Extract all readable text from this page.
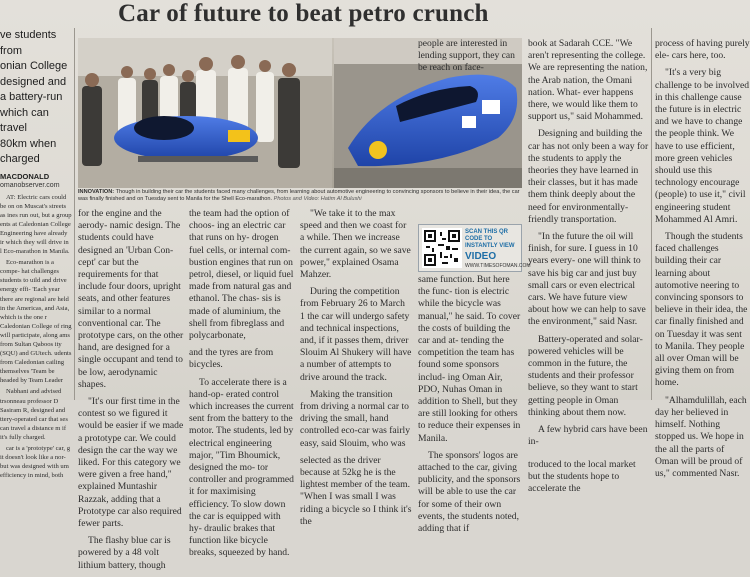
Car of future to beat petro crunch
ve students from
onian College
designed and
a battery-run
which can travel
80km when
charged
MACDONALD
omanobserver.com

AT: Electric cars could be on on Muscat's streets as ines run out, but a group ents at Caledonian College Engineering have already ir which they will drive in l Eco-marathon in Manila.

Eco-marathon is a compe- hat challenges students to uild and drive energy effi- 'Each year there are regional are held in the Americas, and Asia, which is the one r Caledonian College of ring will participate, along ams from Sultan Qaboos ity (SQU) and GUtech. udents from Caledonian cailing themselves 'Team be headed by Team Leader

Nabhani and advised trsonneau professor D Sasiram R, designed and ttery-operated car that ses can travel a distance m if it's fully charged.

car is a 'prototype' car, g it doesn't look like a nor- but was designed with um efficiency in mind, both

INNOVATION: Though in building their car the students faced many challenges, from learning about automotive engineering to convincing sponsors to believe in their idea, the car was finally finished and on Tuesday sent to Manila for the Shell Eco-marathon. Photos and Video: Hatim Al Bulushi

for the engine and the aerody- namic design. The students could have designed an 'Urban Con- cept' car but the requirements for that include four doors, upright seats, and other features similar to a normal conventional car. The prototype cars, on the other hand, are designed for a single occupant and tend to be low, aerodynamic shapes.

"It's our first time in the contest so we figured it would be easier if we made a prototype car. We could design the car the way we liked. For this category we were given a free hand," explained Muntashir Razzak, adding that a Prototype car also required fewer parts.

The flashy blue car is powered by a 48 volt lithium battery, though

the team had the option of choos- ing an electric car that runs on hy- drogen fuel cells, or internal com- bustion engines that run on petrol, diesel, or liquid fuel made from natural gas and ethanol. The chas- sis is made of aluminium, the shell from fibreglass and polycarbonate,

and the tyres are from bicycles.

To accelerate there is a hand-op- erated control which increases the current sent from the battery to the motor. The students, led by electrical engineering major, "Tim Bhoumick, designed the mo- tor controller and programmed it for maximising efficiency. To slow down the car is equipped with hy- draulic brakes that function like bicycle breaks, squeezed by hand.

"We take it to the max speed and then we coast for a while. Then we increase the current again, so we save power," explained Osama Mahzer.

During the competition from February 26 to March 1 the car will undergo safety and technical inspections, and, if it passes them, driver Slouim Al Shukery will have a number of attempts to drive around the track.

Making the transition from driving a normal car to driving the small, hand controlled eco-car was fairly easy, said Slouim, who was

selected as the driver because at 52kg he is the lightest member of the team. "When I was small I was riding a bicycle so I think it's the

people are interested in lending support, they can be reach on face-

same function. But here the func- tion is electric while the bicycle was manual," he said. To cover the costs of building the car and at- tending the competition the team has found some sponsors includ- ing Oman Air, PDO, Nuhas Oman in addition to Shell, but they are still looking for others to reduce their expenses in Manila.

The sponsors' logos are attached to the car, giving publicity, and the sponsors will be able to use the car for some of their own events, the students noted, adding that if

SCAN THIS QR CODE TO INSTANTLY VIEW
VIDEO
WWW.TIMESOFOMAN.COM

book at Sadarah CCE. "We aren't representing the college. We are representing the nation, the Arab nation, the Omani nation. What- ever happens there, we would like them to support us," said Mohammed.

Designing and building the car has not only been a way for the students to apply the theories they have learned in their classes, but it has made them think deeply about the need for environmentally- friendly transportation.

"In the future the oil will finish, for sure. I guess in 10 years every- one will think to save his big car and just buy small cars or even electrical cars. We have future view about how we can help to save the environment," said Nasr.

Battery-operated and solar- powered vehicles will be common in the future, the students and their professor believe, so they want to start getting people in Oman thinking about them now.

A few hybrid cars have been in-

troduced to the local market but the students hope to accelerate the

process of having purely ele- cars here, too.

"It's a very big challenge to be involved in this challenge cause the future is in electric and we have to change the people think. We have to use efficient, more green vehicles should use this technology encourage (people) to use it," civil engineering student Mohammed Al Amri.

Though the students faced challenges building their car learning about automotive neering to convincing sponsors to believe in their idea, the car finally finished and on Tuesday it was sent to Manila. They people all over Oman will be giving them on from home.

"Alhamdulillah, each day her believed in himself. Nothing stopped us. We hope in the all the parts of Oman will be proud of us," commented Nasr.
